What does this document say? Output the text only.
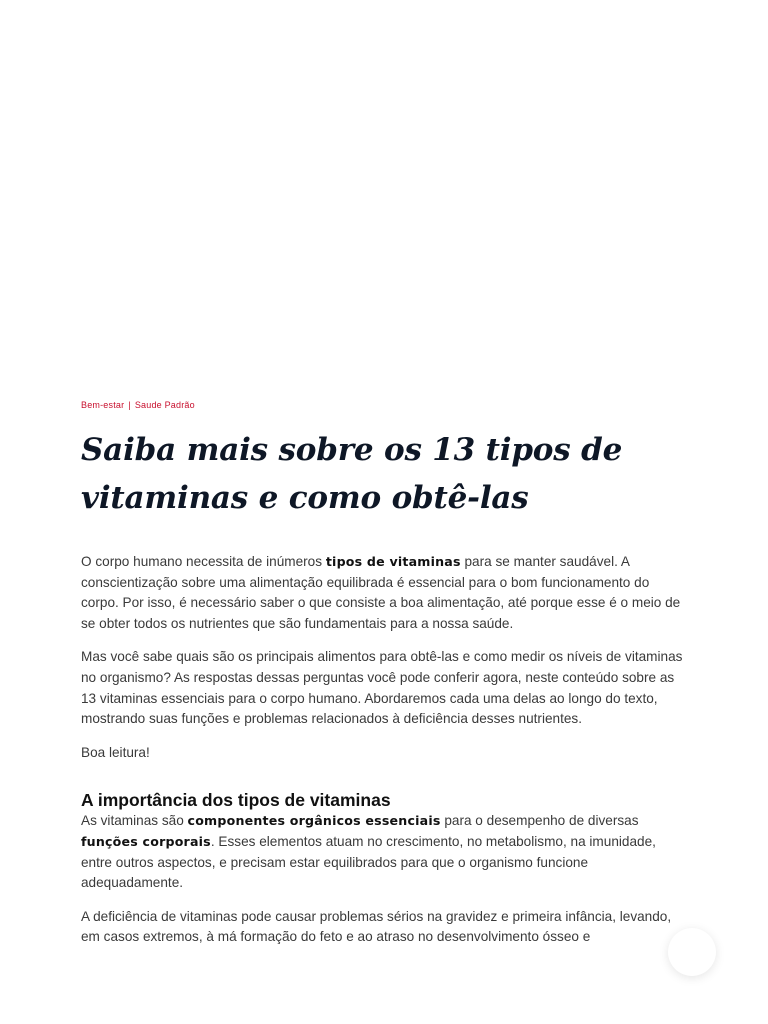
Bem-estar | Saude Padrão
Saiba mais sobre os 13 tipos de vitaminas e como obtê-las

O corpo humano necessita de inúmeros tipos de vitaminas para se manter saudável. A conscientização sobre uma alimentação equilibrada é essencial para o bom funcionamento do corpo. Por isso, é necessário saber o que consiste a boa alimentação, até porque esse é o meio de se obter todos os nutrientes que são fundamentais para a nossa saúde.

Mas você sabe quais são os principais alimentos para obtê-las e como medir os níveis de vitaminas no organismo? As respostas dessas perguntas você pode conferir agora, neste conteúdo sobre as 13 vitaminas essenciais para o corpo humano. Abordaremos cada uma delas ao longo do texto, mostrando suas funções e problemas relacionados à deficiência desses nutrientes.

Boa leitura!

A importância dos tipos de vitaminas

As vitaminas são componentes orgânicos essenciais para o desempenho de diversas funções corporais. Esses elementos atuam no crescimento, no metabolismo, na imunidade, entre outros aspectos, e precisam estar equilibrados para que o organismo funcione adequadamente.

A deficiência de vitaminas pode causar problemas sérios na gravidez e primeira infância, levando, em casos extremos, à má formação do feto e ao atraso no desenvolvimento ósseo e
